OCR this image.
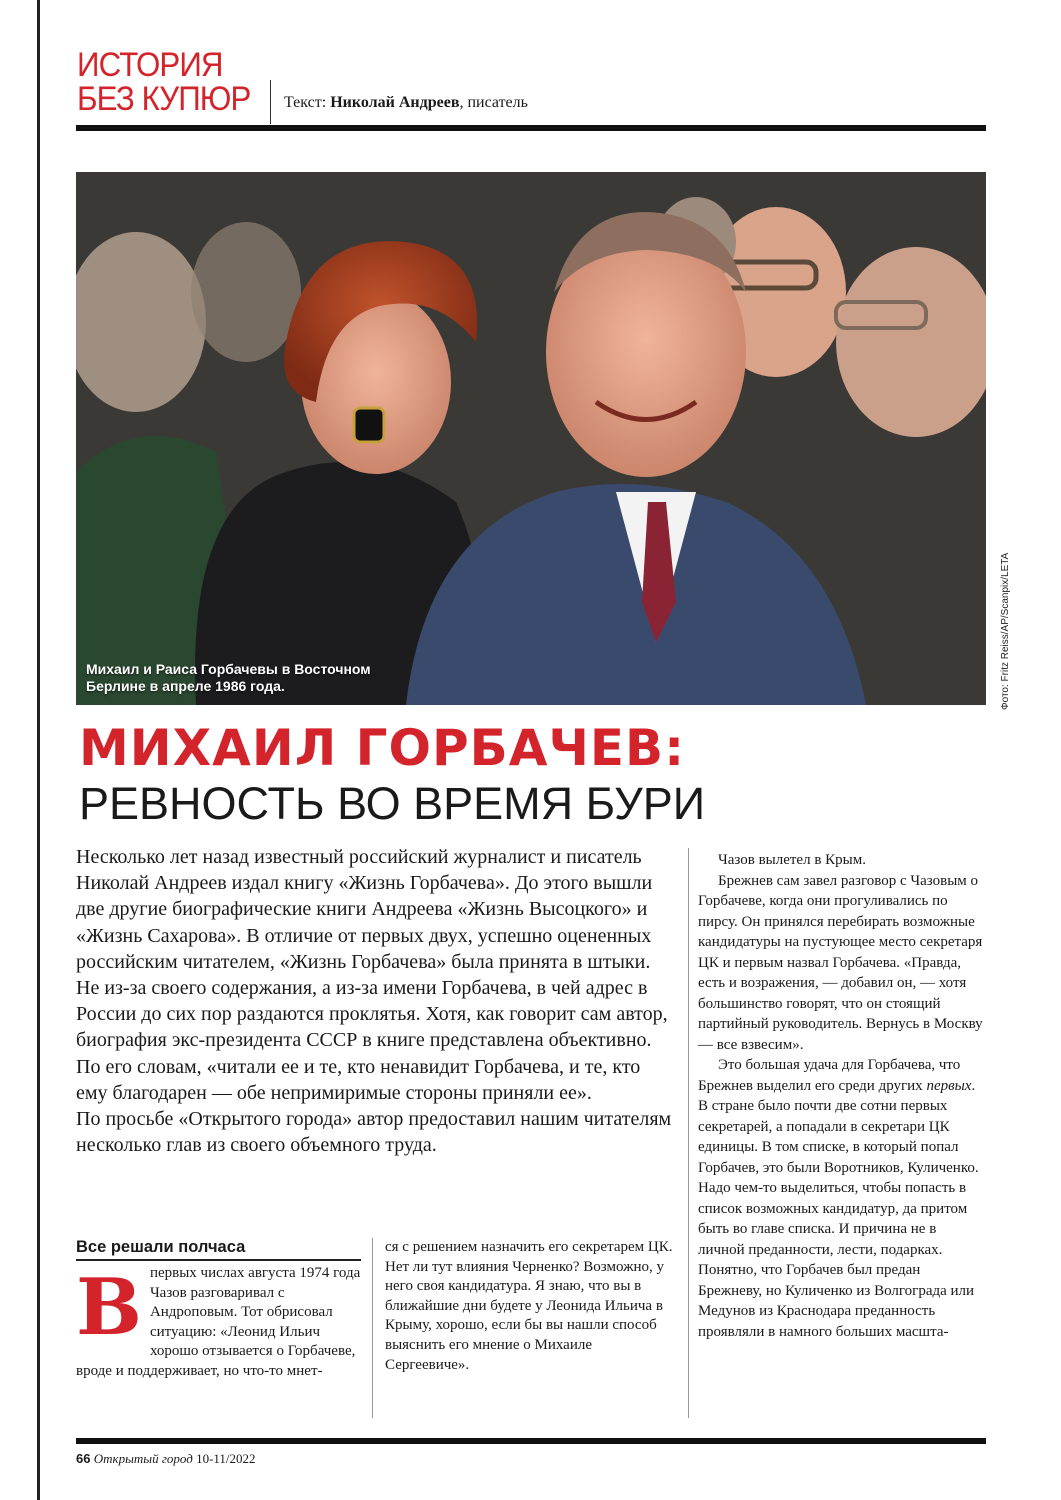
ИСТОРИЯ
БЕЗ КУПЮР Текст: Николай Андреев, писатель
Михаил и Раиса Горбачевы в Восточном Берлине в апреле 1986 года.	Фото: Fritz Reiss/AP/Scanpix/LETA
МИХАИЛ ГОРБАЧЕВ:
РЕВНОСТЬ ВО ВРЕМЯ БУРИ

Несколько лет назад известный российский журналист и писатель Николай Андреев издал книгу «Жизнь Горбачева». До этого вышли две другие биографические книги Андреева «Жизнь Высоцкого» и «Жизнь Сахарова». В отличие от первых двух, успешно оцененных российским читателем, «Жизнь Горбачева» была принята в штыки. Не из-за своего содержания, а из-за имени Горбачева, в чей адрес в России до сих пор раздаются проклятья. Хотя, как говорит сам автор, биография экс-президента СССР в книге представлена объективно. По его словам, «читали ее и те, кто ненавидит Горбачева, и те, кто ему благодарен — обе непримиримые стороны приняли ее».

По просьбе «Открытого города» автор предоставил нашим читателям несколько глав из своего объемного труда.

Все решали полчаса
В первых числах августа 1974 года Чазов разговаривал с Андроповым. Тот обрисовал ситуацию: «Леонид Ильич хорошо отзывается о Горбачеве, вроде и поддерживает, но что-то мнет-
ся с решением назначить его секретарем ЦК. Нет ли тут влияния Черненко? Возможно, у него своя кандидатура. Я знаю, что вы в ближайшие дни будете у Леонида Ильича в Крыму, хорошо, если бы вы нашли способ выяснить его мнение о Михаиле Сергеевиче».

Чазов вылетел в Крым.

Брежнев сам завел разговор с Чазовым о Горбачеве, когда они прогуливались по пирсу. Он принялся перебирать возможные кандидатуры на пустующее место секретаря ЦК и первым назвал Горбачева. «Правда, есть и возражения, — добавил он, — хотя большинство говорят, что он стоящий партийный руководитель. Вернусь в Москву — все взвесим».

Это большая удача для Горбачева, что Брежнев выделил его среди других первых. В стране было почти две сотни первых секретарей, а попадали в секретари ЦК единицы. В том списке, в который попал Горбачев, это были Воротников, Куличенко. Надо чем-то выделиться, чтобы попасть в список возможных кандидатур, да притом быть во главе списка. И причина не в личной преданности, лести, подарках. Понятно, что Горбачев был предан Брежневу, но Куличенко из Волгограда или Медунов из Краснодара преданность проявляли в намного больших масшта-

66 Открытый город 10-11/2022
